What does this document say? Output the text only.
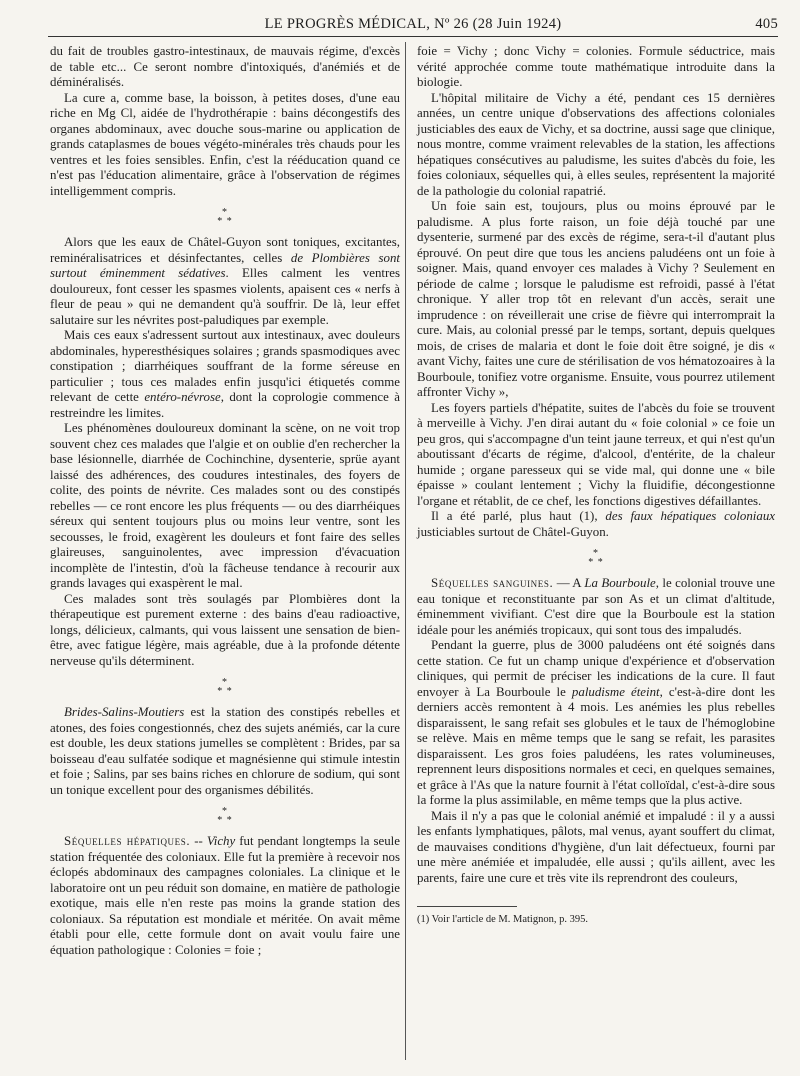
LE PROGRÈS MÉDICAL, Nº 26 (28 Juin 1924)	405

du fait de troubles gastro-intestinaux, de mauvais régime, d'excès de table etc... Ce seront nombre d'intoxiqués, d'anémiés et de déminéralisés.

La cure a, comme base, la boisson, à petites doses, d'une eau riche en Mg Cl, aidée de l'hydrothérapie : bains décongestifs des organes abdominaux, avec douche sous-marine ou application de grands cataplasmes de boues végéto-minérales très chauds pour les ventres et les foies sensibles. Enfin, c'est la rééducation quand ce n'est pas l'éducation alimentaire, grâce à l'observation de régimes intelligemment compris.

*
* *

Alors que les eaux de Châtel-Guyon sont toniques, excitantes, reminéralisatrices et désinfectantes, celles de Plombières sont surtout éminemment sédatives. Elles calment les ventres douloureux, font cesser les spasmes violents, apaisent ces « nerfs à fleur de peau » qui ne demandent qu'à souffrir. De là, leur effet salutaire sur les névrites post-paludiques par exemple.

Mais ces eaux s'adressent surtout aux intestinaux, avec douleurs abdominales, hyperesthésiques solaires ; grands spasmodiques avec constipation ; diarrhéiques souffrant de la forme séreuse en particulier ; tous ces malades enfin jusqu'ici étiquetés comme relevant de cette entéro-névrose, dont la coprologie commence à restreindre les limites.

Les phénomènes douloureux dominant la scène, on ne voit trop souvent chez ces malades que l'algie et on oublie d'en rechercher la base lésionnelle, diarrhée de Cochinchine, dysenterie, sprüe ayant laissé des adhérences, des coudures intestinales, des foyers de colite, des points de névrite. Ces malades sont ou des constipés rebelles — ce ront encore les plus fréquents — ou des diarrhéiques séreux qui sentent toujours plus ou moins leur ventre, sont les secousses, le froid, exagèrent les douleurs et font faire des selles glaireuses, sanguinolentes, avec impression d'évacuation incomplète de l'intestin, d'où la fâcheuse tendance à recourir aux grands lavages qui exaspèrent le mal.

Ces malades sont très soulagés par Plombières dont la thérapeutique est purement externe : des bains d'eau radioactive, longs, délicieux, calmants, qui vous laissent une sensation de bien-être, avec fatigue légère, mais agréable, due à la profonde détente nerveuse qu'ils déterminent.

*
* *

Brides-Salins-Moutiers est la station des constipés rebelles et atones, des foies congestionnés, chez des sujets anémiés, car la cure est double, les deux stations jumelles se complètent : Brides, par sa boisseau d'eau sulfatée sodique et magnésienne qui stimule intestin et foie ; Salins, par ses bains riches en chlorure de sodium, qui sont un tonique excellent pour des organismes débilités.

*
* *

Séquelles hépatiques. -- Vichy fut pendant longtemps la seule station fréquentée des coloniaux. Elle fut la première à recevoir nos éclopés abdominaux des campagnes coloniales. La clinique et le laboratoire ont un peu réduit son domaine, en matière de pathologie exotique, mais elle n'en reste pas moins la grande station des coloniaux. Sa réputation est mondiale et méritée. On avait même établi pour elle, cette formule dont on avait voulu faire une équation pathologique : Colonies = foie ;

foie = Vichy ; donc Vichy = colonies. Formule séductrice, mais vérité approchée comme toute mathématique introduite dans la biologie.

L'hôpital militaire de Vichy a été, pendant ces 15 dernières années, un centre unique d'observations des affections coloniales justiciables des eaux de Vichy, et sa doctrine, aussi sage que clinique, nous montre, comme vraiment relevables de la station, les affections hépatiques consécutives au paludisme, les suites d'abcès du foie, les foies coloniaux, séquelles qui, à elles seules, représentent la majorité de la pathologie du colonial rapatrié.

Un foie sain est, toujours, plus ou moins éprouvé par le paludisme. A plus forte raison, un foie déjà touché par une dysenterie, surmené par des excès de régime, sera-t-il d'autant plus éprouvé. On peut dire que tous les anciens paludéens ont un foie à soigner. Mais, quand envoyer ces malades à Vichy ? Seulement en période de calme ; lorsque le paludisme est refroidi, passé à l'état chronique. Y aller trop tôt en relevant d'un accès, serait une imprudence : on réveillerait une crise de fièvre qui interromprait la cure. Mais, au colonial pressé par le temps, sortant, depuis quelques mois, de crises de malaria et dont le foie doit être soigné, je dis « avant Vichy, faites une cure de stérilisation de vos hématozoaires à la Bourboule, tonifiez votre organisme. Ensuite, vous pourrez utilement affronter Vichy »,

Les foyers partiels d'hépatite, suites de l'abcès du foie se trouvent à merveille à Vichy. J'en dirai autant du « foie colonial » ce foie un peu gros, qui s'accompagne d'un teint jaune terreux, et qui n'est qu'un aboutissant d'écarts de régime, d'alcool, d'entérite, de la chaleur humide ; organe paresseux qui se vide mal, qui donne une « bile épaisse » coulant lentement ; Vichy la fluidifie, décongestionne l'organe et rétablit, de ce chef, les fonctions digestives défaillantes.

Il a été parlé, plus haut (1), des faux hépatiques coloniaux justiciables surtout de Châtel-Guyon.

*
* *

Séquelles sanguines. — A La Bourboule, le colonial trouve une eau tonique et reconstituante par son As et un climat d'altitude, éminemment vivifiant. C'est dire que la Bourboule est la station idéale pour les anémiés tropicaux, qui sont tous des impaludés.

Pendant la guerre, plus de 3000 paludéens ont été soignés dans cette station. Ce fut un champ unique d'expérience et d'observation cliniques, qui permit de préciser les indications de la cure. Il faut envoyer à La Bourboule le paludisme éteint, c'est-à-dire dont les derniers accès remontent à 4 mois. Les anémies les plus rebelles disparaissent, le sang refait ses globules et le taux de l'hémoglobine se relève. Mais en même temps que le sang se refait, les parasites disparaissent. Les gros foies paludéens, les rates volumineuses, reprennent leurs dispositions normales et ceci, en quelques semaines, et grâce à l'As que la nature fournit à l'état colloïdal, c'est-à-dire sous la forme la plus assimilable, en même temps que la plus active.

Mais il n'y a pas que le colonial anémié et impaludé : il y a aussi les enfants lymphatiques, pâlots, mal venus, ayant souffert du climat, de mauvaises conditions d'hygiène, d'un lait défectueux, fourni par une mère anémiée et impaludée, elle aussi ; qu'ils aillent, avec les parents, faire une cure et très vite ils reprendront des couleurs,

(1) Voir l'article de M. Matignon, p. 395.
